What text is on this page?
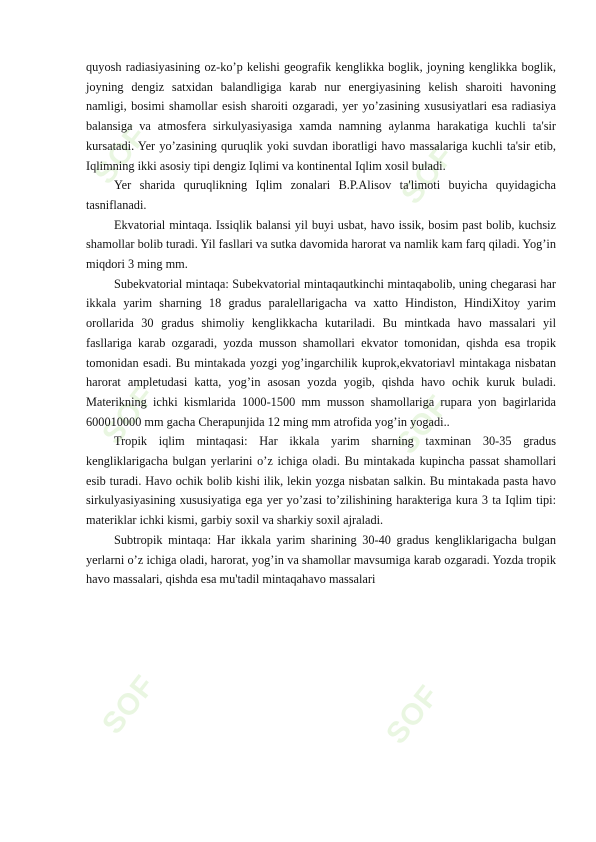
SOF	SOF
SOF	SOF
SOF	SOF

quyosh radiasiyasining oz-ko’p kelishi geografik kenglikka boglik, joyning kenglikka boglik, joyning dengiz satxidan balandligiga karab nur energiyasining kelish sharoiti havoning namligi, bosimi shamollar esish sharoiti ozgaradi, yer yo’zasining xususiyatlari esa radiasiya balansiga va atmosfera sirkulyasiyasiga xamda namning aylanma harakatiga kuchli ta'sir kursatadi. Yer yo’zasining quruqlik yoki suvdan iboratligi havo massalariga kuchli ta'sir etib, Iqlimning ikki asosiy tipi dengiz Iqlimi va kontinental Iqlim xosil buladi.

Yer sharida quruqlikning Iqlim zonalari B.P.Alisov ta'limoti buyicha quyidagicha tasniflanadi.

Ekvatorial mintaqa. Issiqlik balansi yil buyi usbat, havo issik, bosim past bolib, kuchsiz shamollar bolib turadi. Yil fasllari va sutka davomida harorat va namlik kam farq qiladi. Yog’in miqdori 3 ming mm.

Subekvatorial mintaqa: Subekvatorial mintaqautkinchi mintaqabolib, uning chegarasi har ikkala yarim sharning 18 gradus paralellarigacha va xatto Hindiston, HindiXitoy yarim orollarida 30 gradus shimoliy kenglikkacha kutariladi. Bu mintkada havo massalari yil fasllariga karab ozgaradi, yozda musson shamollari ekvator tomonidan, qishda esa tropik tomonidan esadi. Bu mintakada yozgi yog’ingarchilik kuprok,ekvatoriavl mintakaga nisbatan harorat ampletudasi katta, yog’in asosan yozda yogib, qishda havo ochik kuruk buladi. Materikning ichki kismlarida 1000-1500 mm musson shamollariga rupara yon bagirlarida 600010000 mm gacha Cherapunjida 12 ming mm atrofida yog’in yogadi..

Tropik iqlim mintaqasi: Har ikkala yarim sharning taxminan 30-35 gradus kengliklarigacha bulgan yerlarini o’z ichiga oladi. Bu mintakada kupincha passat shamollari esib turadi. Havo ochik bolib kishi ilik, lekin yozga nisbatan salkin. Bu mintakada pasta havo sirkulyasiyasining xususiyatiga ega yer yo’zasi to’zilishining harakteriga kura 3 ta Iqlim tipi: materiklar ichki kismi, garbiy soxil va sharkiy soxil ajraladi.

Subtropik mintaqa: Har ikkala yarim sharining 30-40 gradus kengliklarigacha bulgan yerlarni o’z ichiga oladi, harorat, yog’in va shamollar mavsumiga karab ozgaradi. Yozda tropik havo massalari, qishda esa mu'tadil mintaqahavo massalari
